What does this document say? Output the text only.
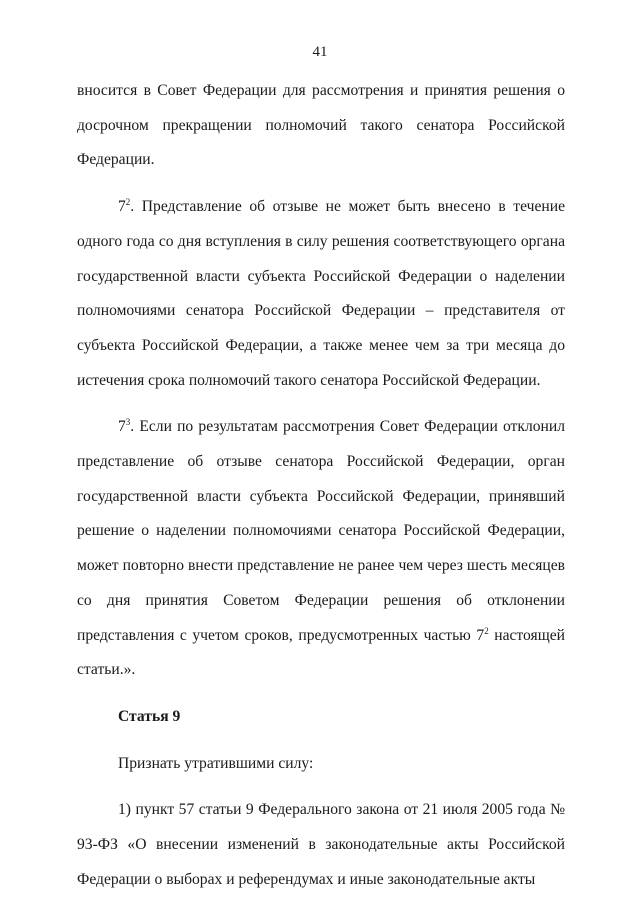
41

вносится в Совет Федерации для рассмотрения и принятия решения о досрочном прекращении полномочий такого сенатора Российской Федерации.

$7^2$. Представление об отзыве не может быть внесено в течение одного года со дня вступления в силу решения соответствующего органа государственной власти субъекта Российской Федерации о наделении полномочиями сенатора Российской Федерации – представителя от субъекта Российской Федерации, а также менее чем за три месяца до истечения срока полномочий такого сенатора Российской Федерации.

$7^3$. Если по результатам рассмотрения Совет Федерации отклонил представление об отзыве сенатора Российской Федерации, орган государственной власти субъекта Российской Федерации, принявший решение о наделении полномочиями сенатора Российской Федерации, может повторно внести представление не ранее чем через шесть месяцев со дня принятия Советом Федерации решения об отклонении представления с учетом сроков, предусмотренных частью $7^2$ настоящей статьи.».

Статья 9

Признать утратившими силу:

1) пункт 57 статьи 9 Федерального закона от 21 июля 2005 года № 93-ФЗ «О внесении изменений в законодательные акты Российской Федерации о выборах и референдумах и иные законодательные акты
